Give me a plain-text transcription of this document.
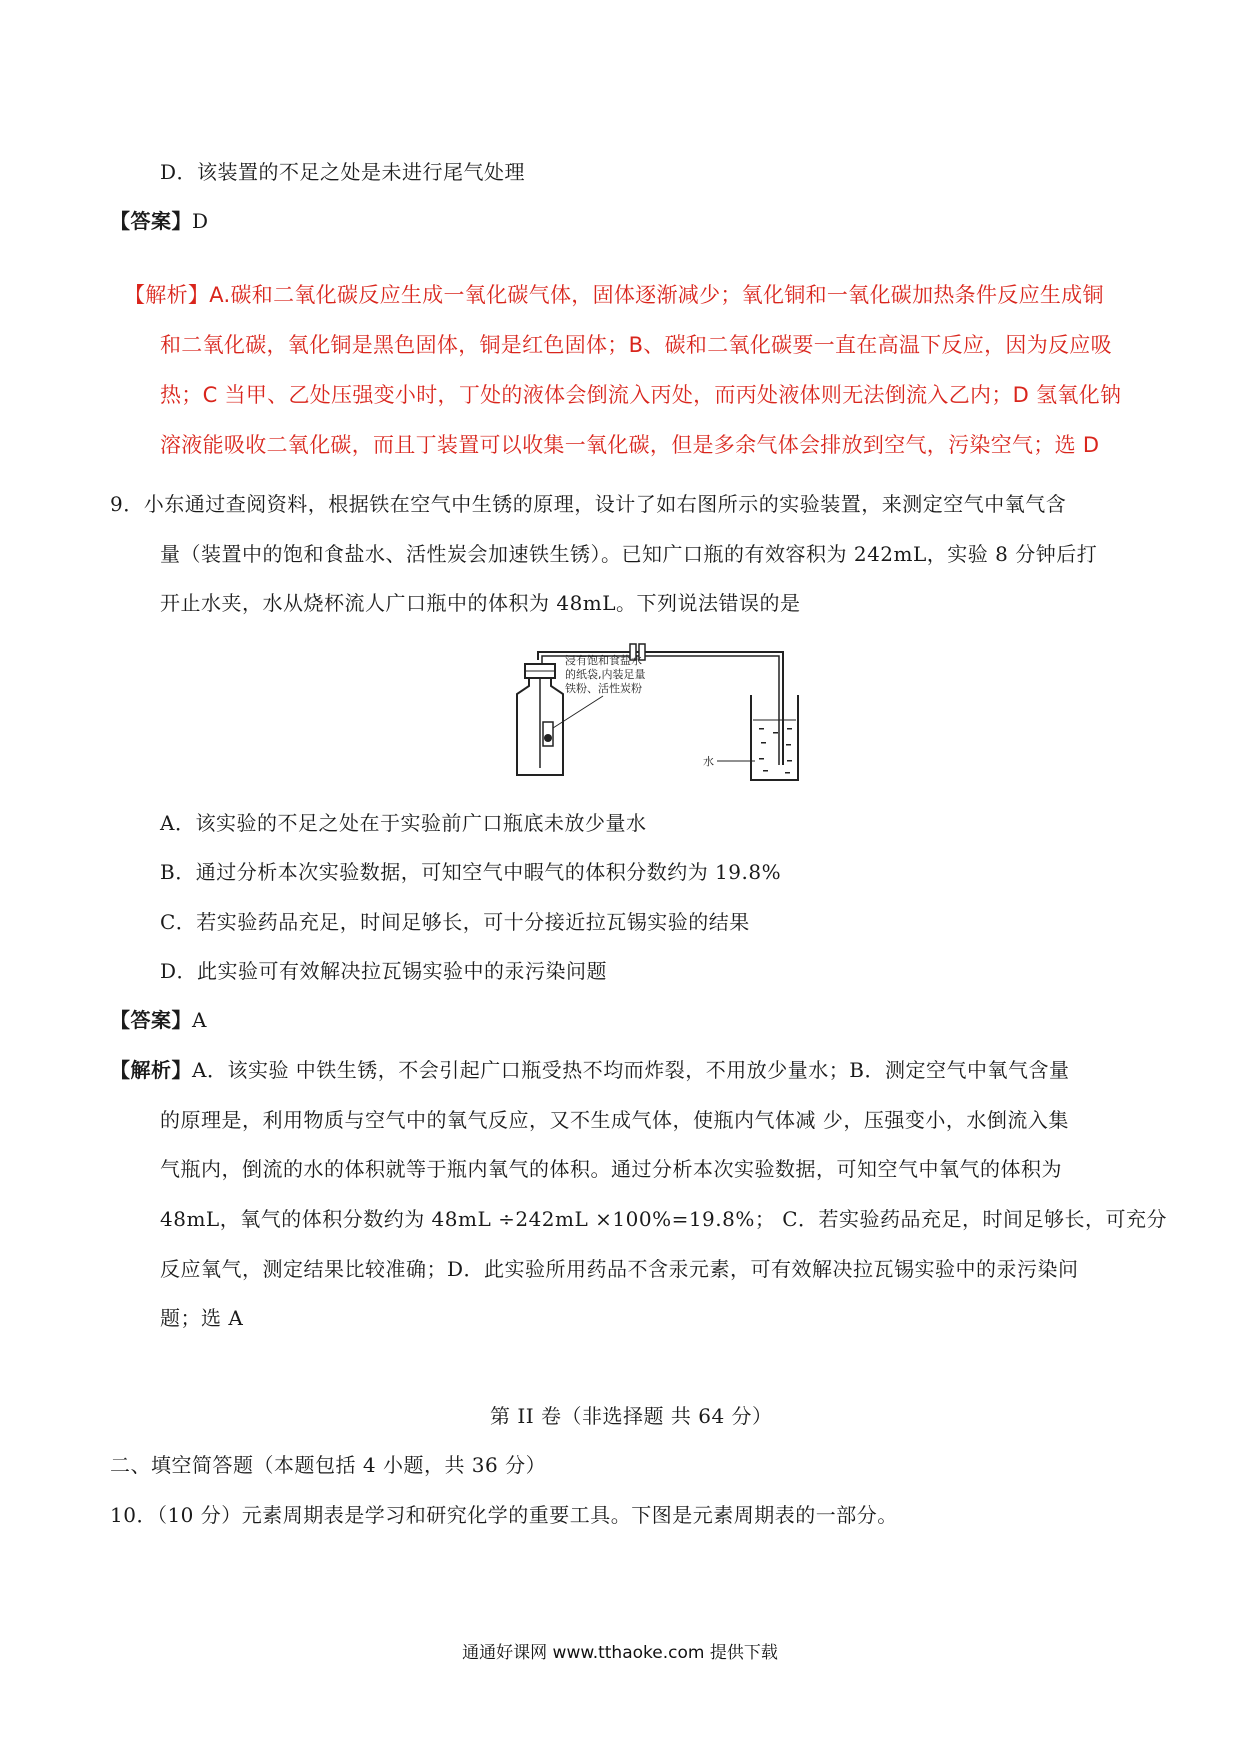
D．该装置的不足之处是未进行尾气处理
【答案】D
【解析】A.碳和二氧化碳反应生成一氧化碳气体，固体逐渐减少；氧化铜和一氧化碳加热条件反应生成铜
和二氧化碳，氧化铜是黑色固体，铜是红色固体；B、碳和二氧化碳要一直在高温下反应，因为反应吸
热；C 当甲、乙处压强变小时，丁处的液体会倒流入丙处，而丙处液体则无法倒流入乙内；D 氢氧化钠
溶液能吸收二氧化碳，而且丁装置可以收集一氧化碳，但是多余气体会排放到空气，污染空气；选 D
9．小东通过查阅资料，根据铁在空气中生锈的原理，设计了如右图所示的实验装置，来测定空气中氧气含
量（装置中的饱和食盐水、活性炭会加速铁生锈）。已知广口瓶的有效容积为 242mL，实验 8 分钟后打
开止水夹，水从烧杯流人广口瓶中的体积为 48mL。下列说法错误的是
浸有饱和食盐水
的纸袋,内装足量
铁粉、活性炭粉
水
A．该实验的不足之处在于实验前广口瓶底未放少量水
B．通过分析本次实验数据，可知空气中暇气的体积分数约为 19.8%
C．若实验药品充足，时间足够长，可十分接近拉瓦锡实验的结果
D．此实验可有效解决拉瓦锡实验中的汞污染问题
【答案】A
【解析】A．该实验 中铁生锈，不会引起广口瓶受热不均而炸裂，不用放少量水；B．测定空气中氧气含量
的原理是，利用物质与空气中的氧气反应，又不生成气体，使瓶内气体减 少，压强变小，水倒流入集
气瓶内，倒流的水的体积就等于瓶内氧气的体积。通过分析本次实验数据，可知空气中氧气的体积为
48mL，氧气的体积分数约为 48mL ÷242mL ×100%=19.8%； C．若实验药品充足，时间足够长，可充分
反应氧气，测定结果比较准确；D．此实验所用药品不含汞元素，可有效解决拉瓦锡实验中的汞污染问
题；选 A
第 II 卷（非选择题 共 64 分）
二、填空简答题（本题包括 4 小题，共 36 分）
10．（10 分）元素周期表是学习和研究化学的重要工具。下图是元素周期表的一部分。
通通好课网 www.tthaoke.com 提供下载
